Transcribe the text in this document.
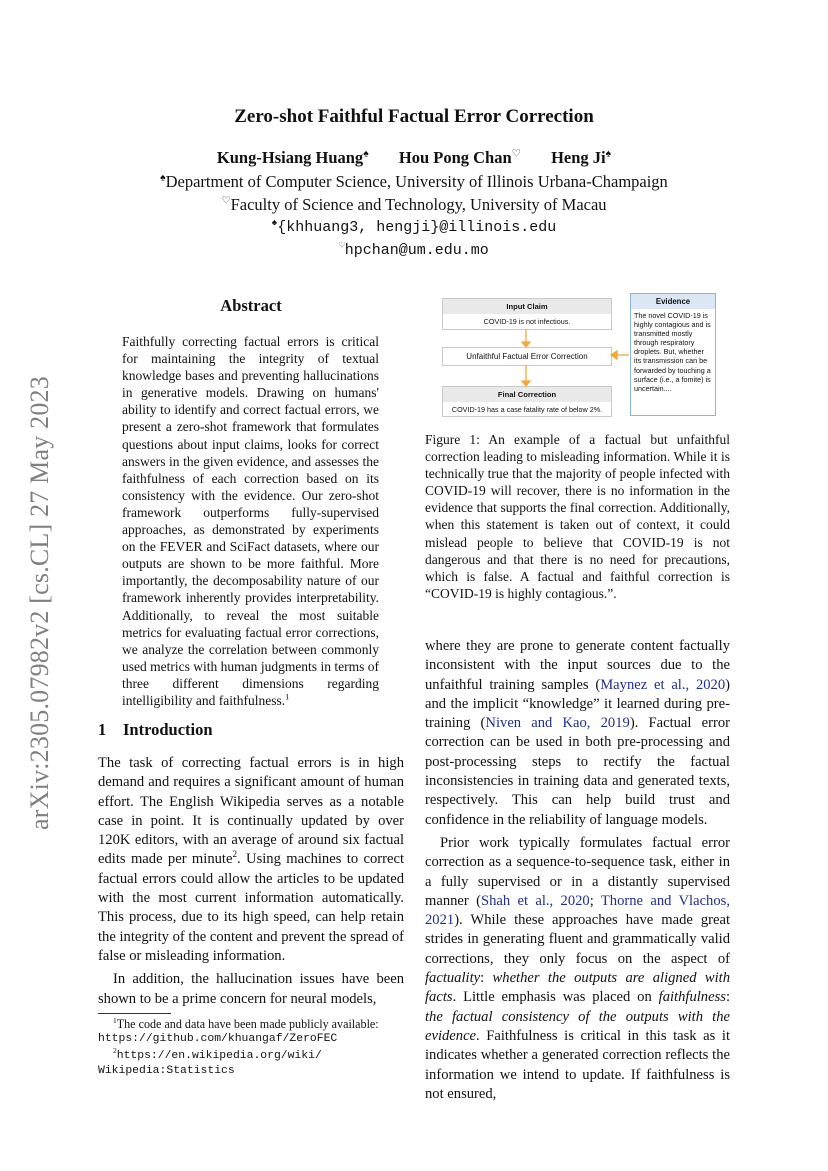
arXiv:2305.07982v2 [cs.CL] 27 May 2023
Zero-shot Faithful Factual Error Correction
Kung-Hsiang Huang♠ Hou Pong Chan♡ Heng Ji♠
♠Department of Computer Science, University of Illinois Urbana-Champaign
♡Faculty of Science and Technology, University of Macau
♠{khhuang3, hengji}@illinois.edu
♡hpchan@um.edu.mo
Abstract
Faithfully correcting factual errors is critical for maintaining the integrity of textual knowledge bases and preventing hallucinations in generative models. Drawing on humans' ability to identify and correct factual errors, we present a zero-shot framework that formulates questions about input claims, looks for correct answers in the given evidence, and assesses the faithfulness of each correction based on its consistency with the evidence. Our zero-shot framework outperforms fully-supervised approaches, as demonstrated by experiments on the FEVER and SciFact datasets, where our outputs are shown to be more faithful. More importantly, the decomposability nature of our framework inherently provides interpretability. Additionally, to reveal the most suitable metrics for evaluating factual error corrections, we analyze the correlation between commonly used metrics with human judgments in terms of three different dimensions regarding intelligibility and faithfulness.$^1$
Input Claim
COVID-19 is not infectious.
Unfaithful Factual Error Correction
Final Correction
COVID-19 has a case fatality rate of below 2%.
Evidence
The novel COVID-19 is highly contagious and is transmitted mostly through respiratory droplets. But, whether its transmission can be forwarded by touching a surface (i.e., a fomite) is uncertain....
Figure 1: An example of a factual but unfaithful correction leading to misleading information. While it is technically true that the majority of people infected with COVID-19 will recover, there is no information in the evidence that supports the final correction. Additionally, when this statement is taken out of context, it could mislead people to believe that COVID-19 is not dangerous and that there is no need for precautions, which is false. A factual and faithful correction is “COVID-19 is highly contagious.”.
1 Introduction

The task of correcting factual errors is in high demand and requires a significant amount of human effort. The English Wikipedia serves as a notable case in point. It is continually updated by over 120K editors, with an average of around six factual edits made per minute$^2$. Using machines to correct factual errors could allow the articles to be updated with the most current information automatically. This process, due to its high speed, can help retain the integrity of the content and prevent the spread of false or misleading information.

In addition, the hallucination issues have been shown to be a prime concern for neural models,

where they are prone to generate content factually inconsistent with the input sources due to the unfaithful training samples (Maynez et al., 2020) and the implicit “knowledge” it learned during pre-training (Niven and Kao, 2019). Factual error correction can be used in both pre-processing and post-processing steps to rectify the factual inconsistencies in training data and generated texts, respectively. This can help build trust and confidence in the reliability of language models.

Prior work typically formulates factual error correction as a sequence-to-sequence task, either in a fully supervised or in a distantly supervised manner (Shah et al., 2020; Thorne and Vlachos, 2021). While these approaches have made great strides in generating fluent and grammatically valid corrections, they only focus on the aspect of factuality: whether the outputs are aligned with facts. Little emphasis was placed on faithfulness: the factual consistency of the outputs with the evidence. Faithfulness is critical in this task as it indicates whether a generated correction reflects the information we intend to update. If faithfulness is not ensured,

$^1$The code and data have been made publicly available:
https://github.com/khuangaf/ZeroFEC
$^2$https://en.wikipedia.org/wiki/
Wikipedia:Statistics
